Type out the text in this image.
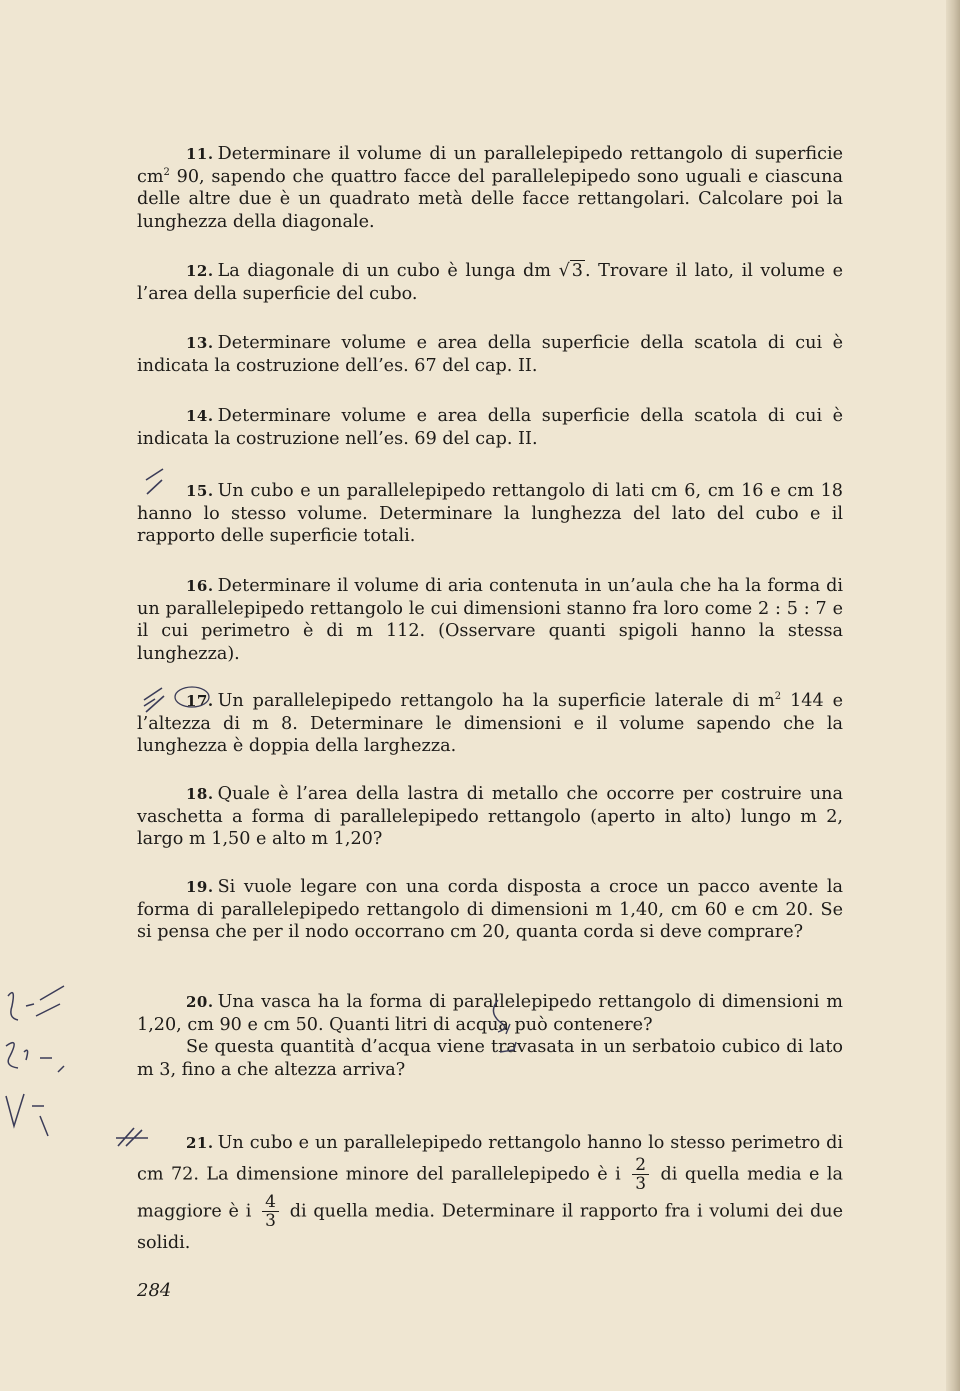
11. Determinare il volume di un parallelepipedo rettangolo di superficie $cm^2$ 90, sapendo che quattro facce del parallelepipedo sono uguali e ciascuna delle altre due è un quadrato metà delle facce rettangolari. Calcolare poi la lunghezza della diagonale.

12. La diagonale di un cubo è lunga dm √ 3 . Trovare il lato, il volume e l’area della superficie del cubo.

13. Determinare volume e area della superficie della scatola di cui è indicata la costruzione dell’es. 67 del cap. II.

14. Determinare volume e area della superficie della scatola di cui è indicata la costruzione nell’es. 69 del cap. II.

15. Un cubo e un parallelepipedo rettangolo di lati cm 6, cm 16 e cm 18 hanno lo stesso volume. Determinare la lunghezza del lato del cubo e il rapporto delle superficie totali.

16. Determinare il volume di aria contenuta in un’aula che ha la forma di un parallelepipedo rettangolo le cui dimensioni stanno fra loro come 2 : 5 : 7 e il cui perimetro è di m 112. (Osservare quanti spigoli hanno la stessa lunghezza).

17. Un parallelepipedo rettangolo ha la superficie laterale di $m^2$ 144 e l’altezza di m 8. Determinare le dimensioni e il volume sapendo che la lunghezza è doppia della larghezza.

18. Quale è l’area della lastra di metallo che occorre per costruire una vaschetta a forma di parallelepipedo rettangolo (aperto in alto) lungo m 2, largo m 1,50 e alto m 1,20?

19. Si vuole legare con una corda disposta a croce un pacco avente la forma di parallelepipedo rettangolo di dimensioni m 1,40, cm 60 e cm 20. Se si pensa che per il nodo occorrano cm 20, quanta corda si deve comprare?

20. Una vasca ha la forma di parallelepipedo rettangolo di dimensioni m 1,20, cm 90 e cm 50. Quanti litri di acqua può contenere?
Se questa quantità d’acqua viene travasata in un serbatoio cubico di lato m 3, fino a che altezza arriva?

21. Un cubo e un parallelepipedo rettangolo hanno lo stesso perimetro di cm 72. La dimensione minore del parallelepipedo è i $\frac{2}{3}$ di quella media e la maggiore è i $\frac{4}{3}$ di quella media. Determinare il rapporto fra i volumi dei due solidi.

284
